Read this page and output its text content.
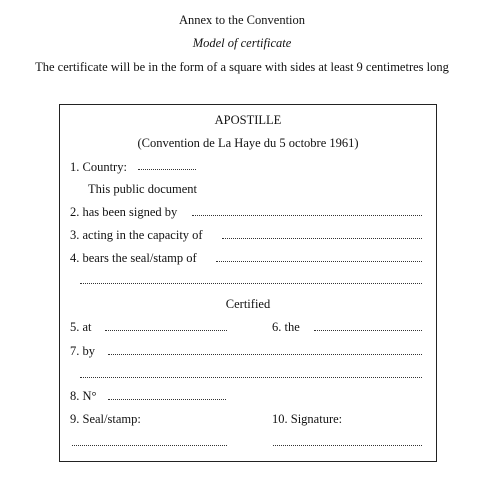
Annex to the Convention
Model of certificate
The certificate will be in the form of a square with sides at least 9 centimetres long
APOSTILLE
(Convention de La Haye du 5 octobre 1961)
1. Country:
This public document
2. has been signed by
3. acting in the capacity of
4. bears the seal/stamp of
Certified
5. at	6. the
7. by
8. N°
9. Seal/stamp:	10. Signature:
